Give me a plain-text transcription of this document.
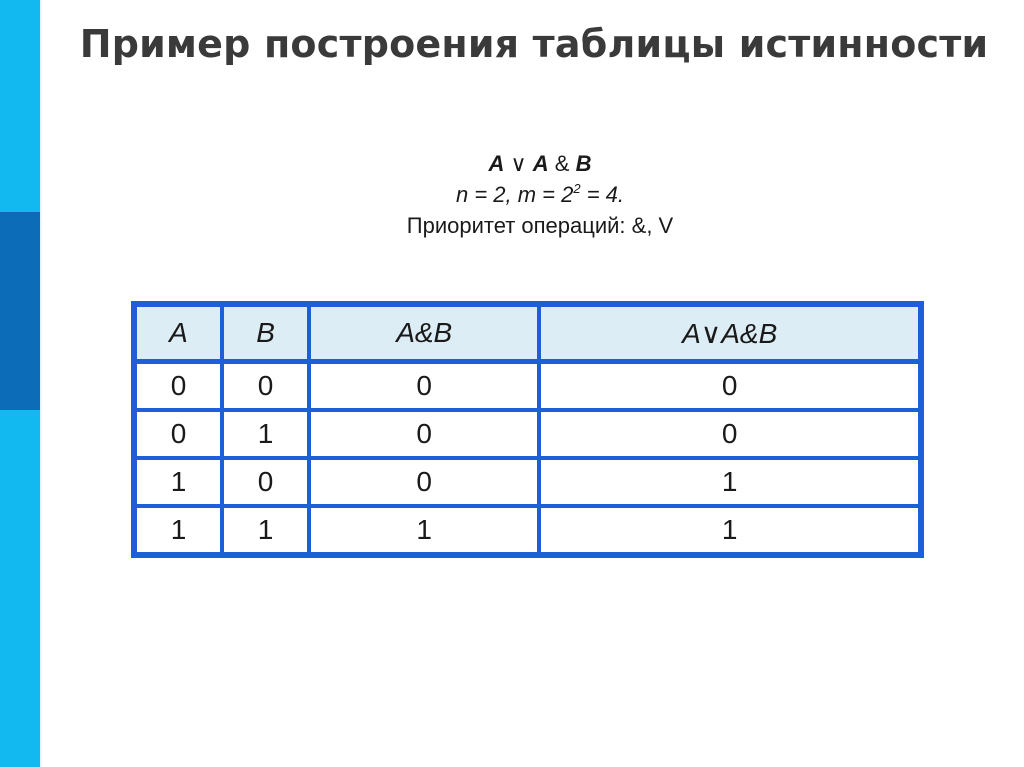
Пример построения таблицы истинности
A ∨ A & B
n = 2, $m = 2^2 = 4$.
Приоритет операций: &, V
A	B	A&B	A∨A&B
0	0	0	0
0	1	0	0
1	0	0	1
1	1	1	1
